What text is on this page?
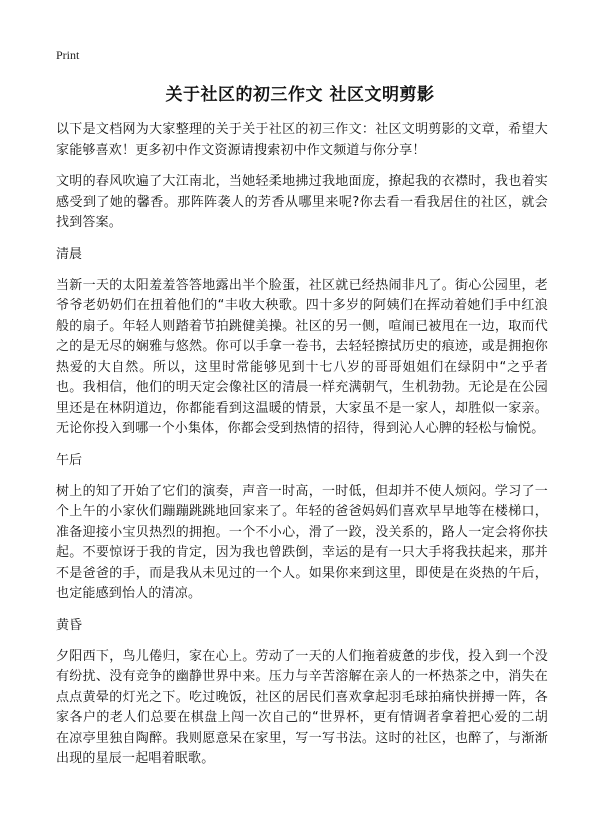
Print
关于社区的初三作文 社区文明剪影

以下是文档网为大家整理的关于关于社区的初三作文：社区文明剪影的文章，希望大家能够喜欢！更多初中作文资源请搜索初中作文频道与你分享！

文明的春风吹遍了大江南北，当她轻柔地拂过我地面庞，撩起我的衣襟时，我也着实感受到了她的馨香。那阵阵袭人的芳香从哪里来呢?你去看一看我居住的社区，就会找到答案。

清晨

当新一天的太阳羞羞答答地露出半个脸蛋，社区就已经热闹非凡了。街心公园里，老爷爷老奶奶们在扭着他们的“丰收大秧歌。四十多岁的阿姨们在挥动着她们手中红浪般的扇子。年轻人则踏着节拍跳健美操。社区的另一侧，喧闹已被甩在一边，取而代之的是无尽的娴雅与悠然。你可以手拿一卷书，去轻轻擦拭历史的痕迹，或是拥抱你热爱的大自然。所以，这里时常能够见到十七八岁的哥哥姐姐们在绿阴中“之乎者也。我相信，他们的明天定会像社区的清晨一样充满朝气，生机勃勃。无论是在公园里还是在林阴道边，你都能看到这温暖的情景，大家虽不是一家人，却胜似一家亲。无论你投入到哪一个小集体，你都会受到热情的招待，得到沁人心脾的轻松与愉悦。

午后

树上的知了开始了它们的演奏，声音一时高，一时低，但却并不使人烦闷。学习了一个上午的小家伙们蹦蹦跳跳地回家来了。年轻的爸爸妈妈们喜欢早早地等在楼梯口，准备迎接小宝贝热烈的拥抱。一个不小心，滑了一跤，没关系的，路人一定会将你扶起。不要惊讶于我的肯定，因为我也曾跌倒，幸运的是有一只大手将我扶起来，那并不是爸爸的手，而是我从未见过的一个人。如果你来到这里，即使是在炎热的午后，也定能感到怡人的清凉。

黄昏

夕阳西下，鸟儿倦归，家在心上。劳动了一天的人们拖着疲惫的步伐，投入到一个没有纷扰、没有竞争的幽静世界中来。压力与辛苦溶解在亲人的一杯热茶之中，消失在点点黄晕的灯光之下。吃过晚饭，社区的居民们喜欢拿起羽毛球拍痛快拼搏一阵，各家各户的老人们总要在棋盘上闯一次自己的“世界杯，更有情调者拿着把心爱的二胡在凉亭里独自陶醉。我则愿意呆在家里，写一写书法。这时的社区，也醉了，与渐渐出现的星辰一起唱着眠歌。
